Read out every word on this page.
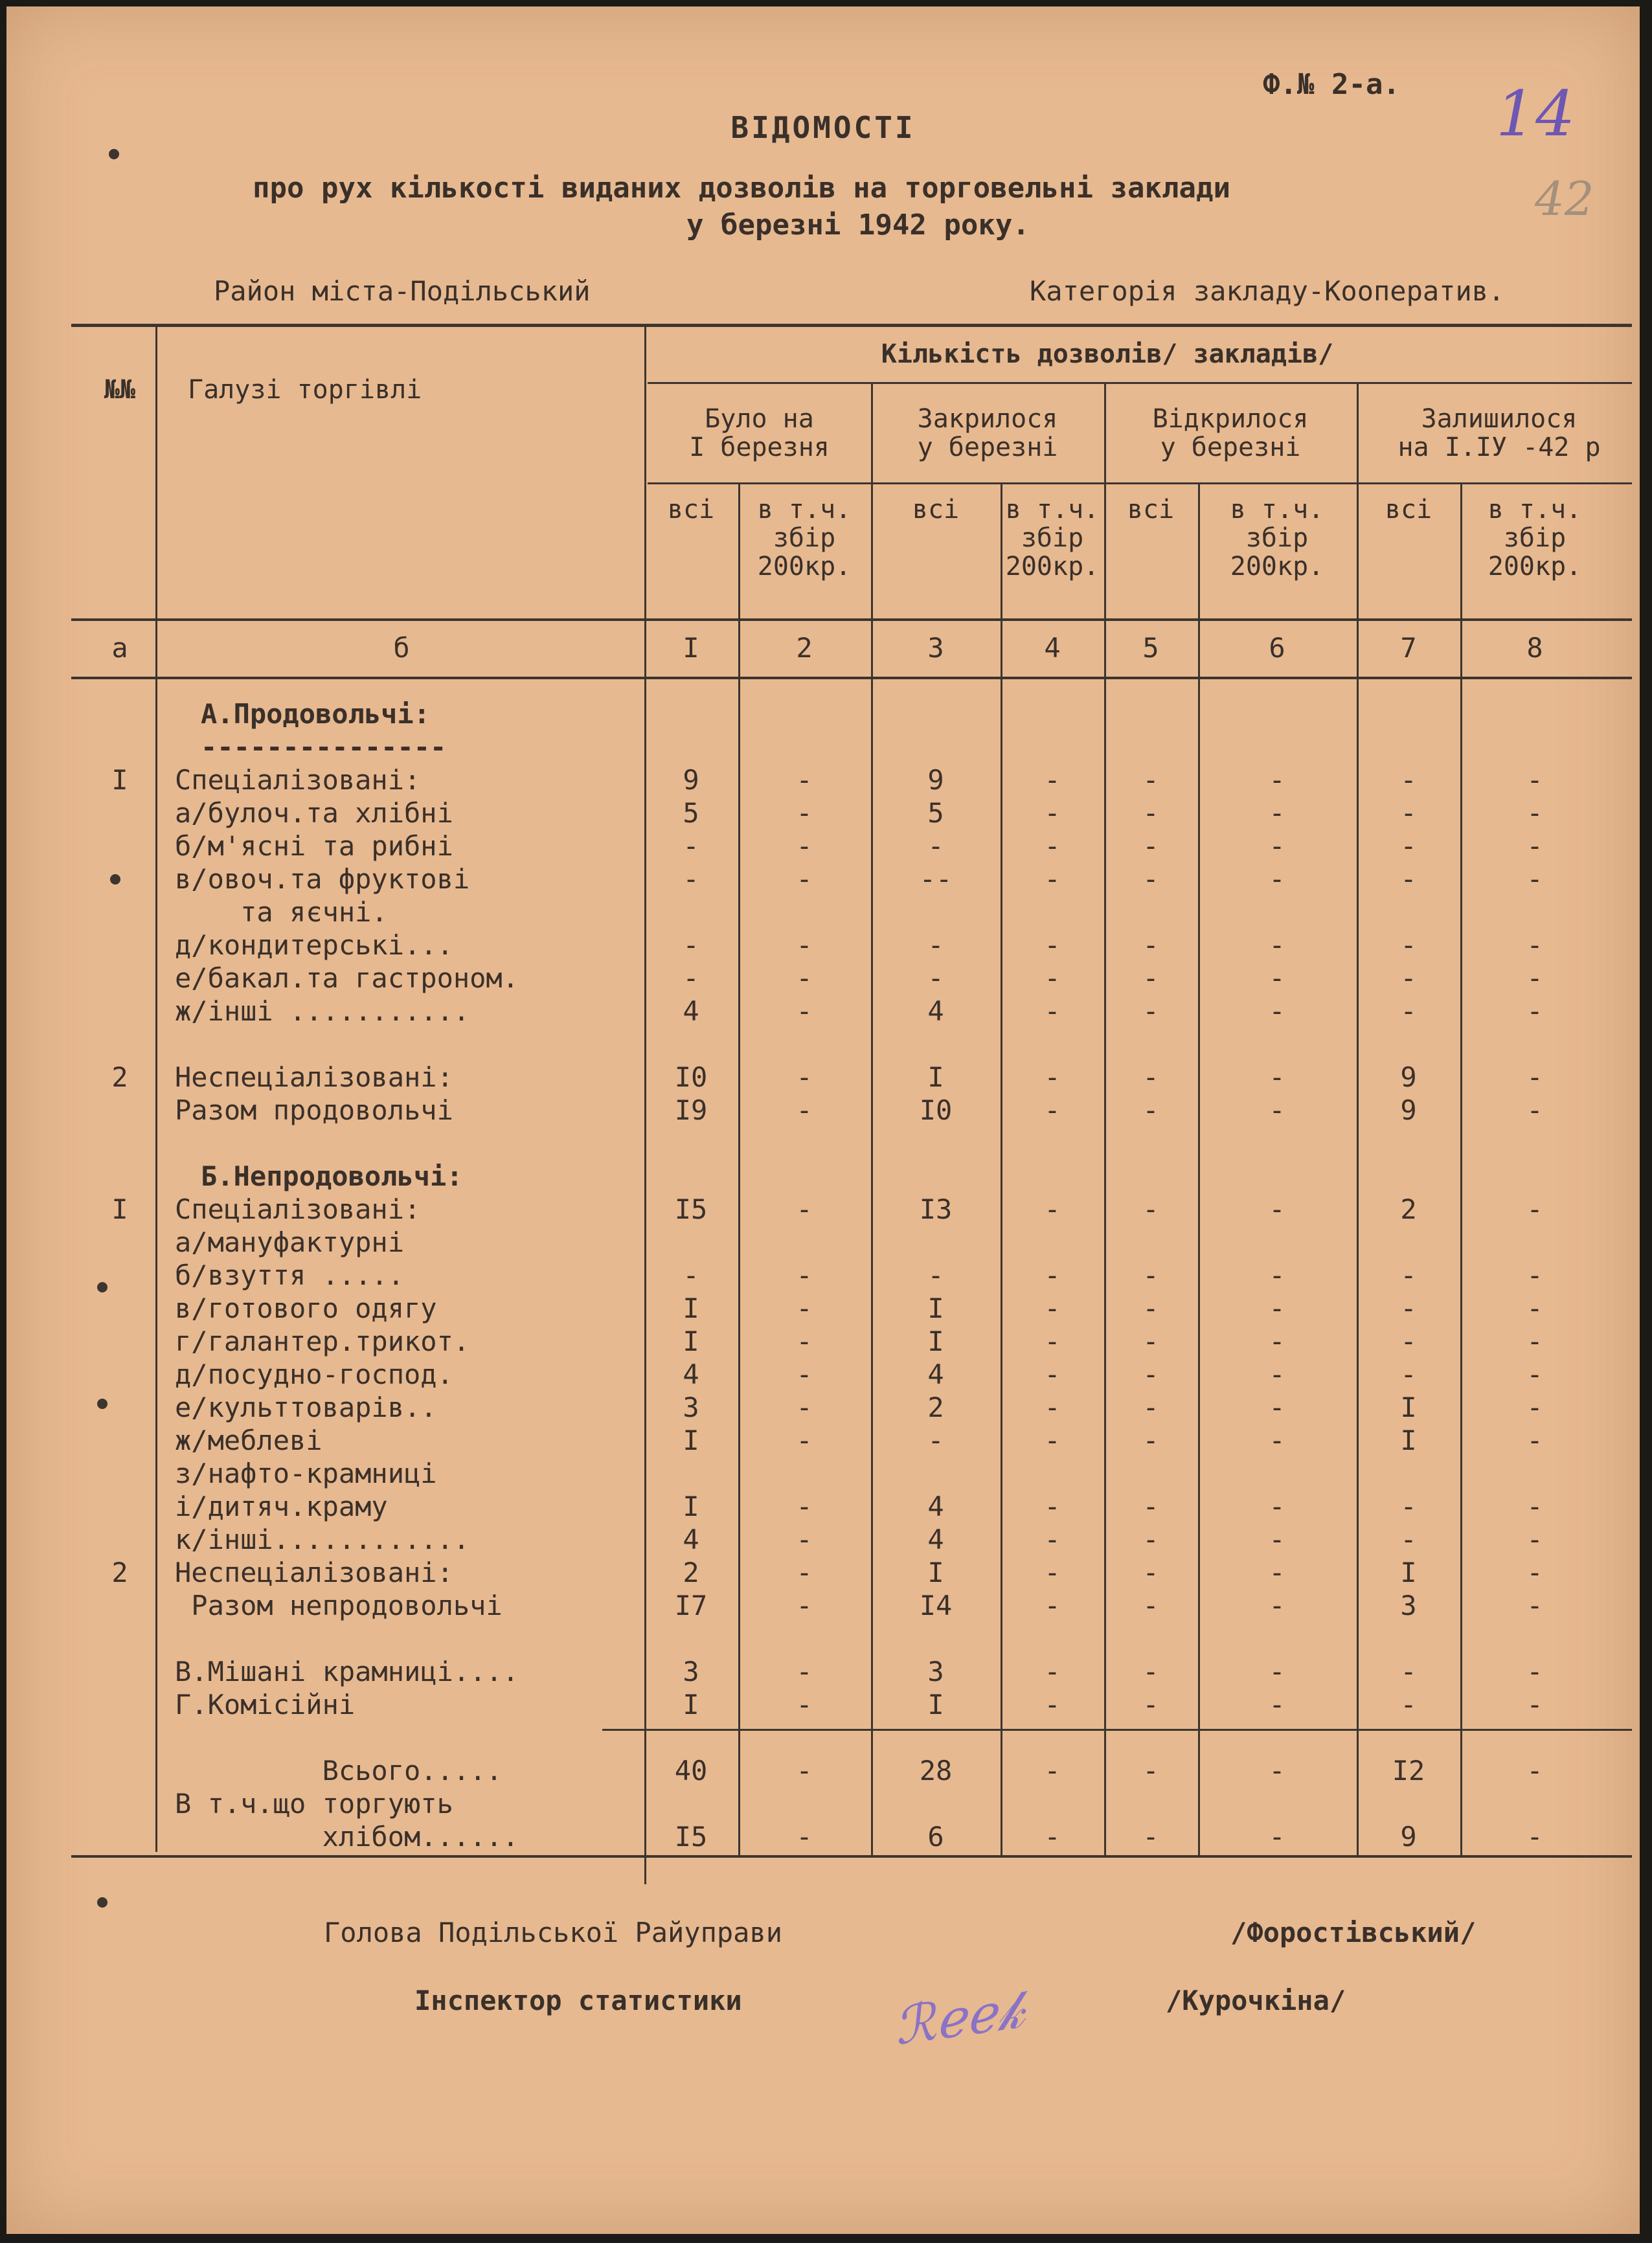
Ф.№ 2-а. 14
42
ВІДОМОСТІ
про рух кількості виданих дозволів на торговельні заклади
у березні 1942 року.
Район міста-Подільський	Категорія закладу-Кооператив.
№№	Галузі торгівлі
Кількість дозволів/ закладів/
Було на
І березня
Закрилося
у березні
Відкрилося
у березні
Залишилося
на І.ІУ -42 р
всі	в т.ч.
збір
200кр.
всі	в т.ч.
збір
200кр.
всі	в т.ч.
збір
200кр.
всі	в т.ч.
збір
200кр.
а	б	І	2	3	4	5	6	7	8
А.Продовольчі:
---------------
І	Спеціалізовані:	9	-	9	-	-	-	-	-
а/булоч.та хлібні	5	-	5	-	-	-	-	-
б/м'ясні та рибні	-	-	-	-	-	-	-	-
в/овоч.та фруктові	-	-	--	-	-	-	-	-
та яєчні.
д/кондитерські...	-	-	-	-	-	-	-	-
е/бакал.та гастроном.	-	-	-	-	-	-	-	-
ж/інші ...........	4	-	4	-	-	-	-	-
2	Неспеціалізовані:	І0	-	І	-	-	-	9	-
Разом продовольчі	І9	-	І0	-	-	-	9	-
Б.Непродовольчі:
І	Спеціалізовані:	І5	-	І3	-	-	-	2	-
а/мануфактурні
б/взуття .....	-	-	-	-	-	-	-	-
в/готового одягу	І	-	І	-	-	-	-	-
г/галантер.трикот.	І	-	І	-	-	-	-	-
д/посудно-господ.	4	-	4	-	-	-	-	-
е/культтоварів..	3	-	2	-	-	-	І	-
ж/меблеві	І	-	-	-	-	-	І	-
з/нафто-крамниці
і/дитяч.краму	І	-	4	-	-	-	-	-
к/інші............	4	-	4	-	-	-	-	-
2	Неспеціалізовані:	2	-	І	-	-	-	І	-
Разом непродовольчі	І7	-	І4	-	-	-	3	-
В.Мішані крамниці....	3	-	3	-	-	-	-	-
Г.Комісійні	І	-	І	-	-	-	-	-
Всього.....	40	-	28	-	-	-	І2	-
В т.ч.що торгують
хлібом......	І5	-	6	-	-	-	9	-
Голова Подільської Райуправи	/Форостівський/
Інспектор статистики	/Курочкіна/
ℛℯℯ𝓀
